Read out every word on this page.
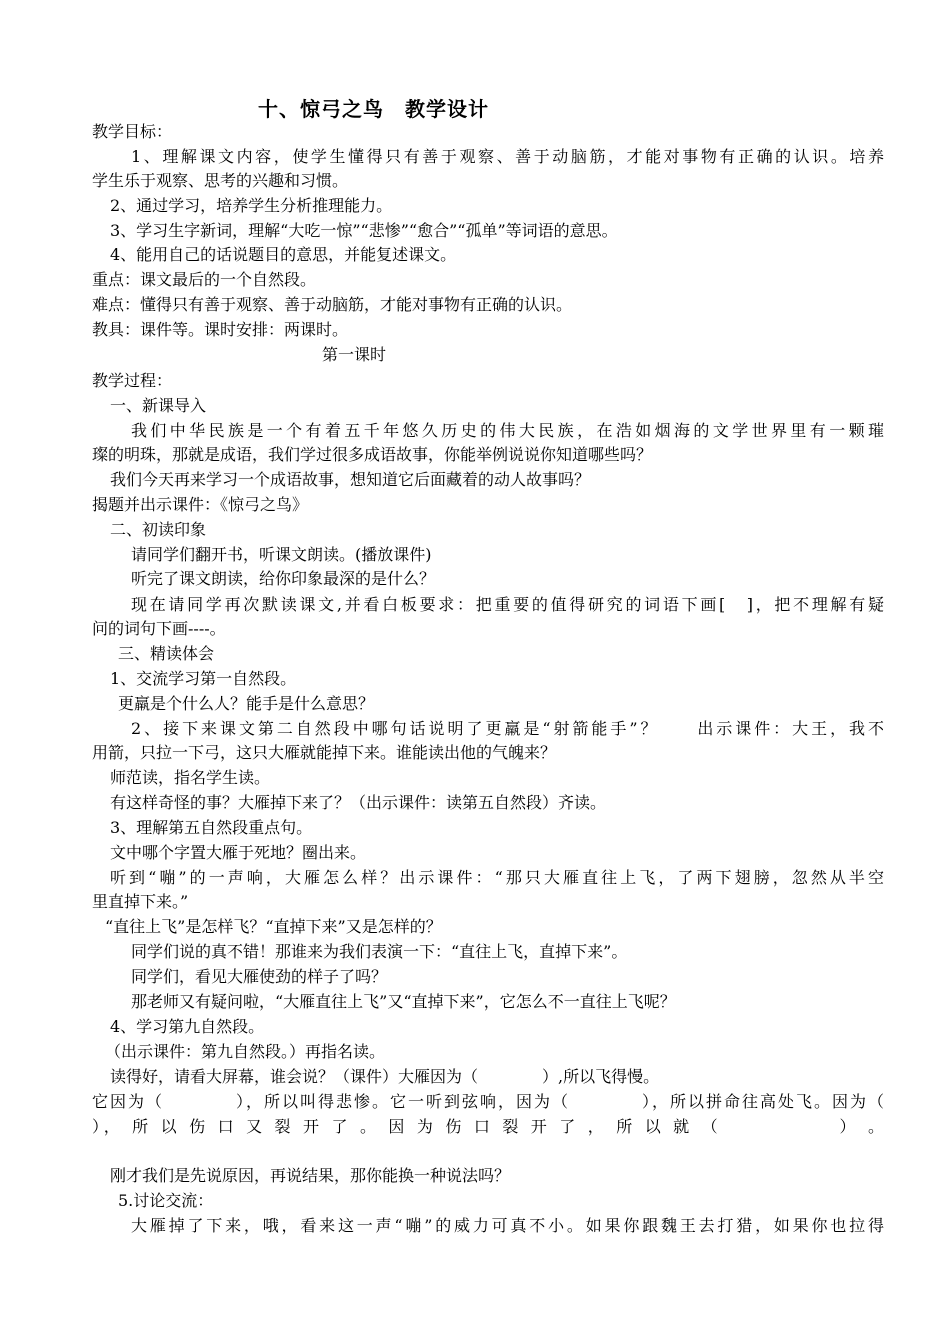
十、惊弓之鸟　教学设计
教学目标：
1、理解课文内容，使学生懂得只有善于观察、善于动脑筋，才能对事物有正确的认识。培养
学生乐于观察、思考的兴趣和习惯。
2、通过学习，培养学生分析推理能力。
3、学习生字新词，理解“大吃一惊”“悲惨”“愈合”“孤单”等词语的意思。
4、能用自己的话说题目的意思，并能复述课文。
重点：课文最后的一个自然段。
难点：懂得只有善于观察、善于动脑筋，才能对事物有正确的认识。
教具：课件等。课时安排：两课时。
第一课时
教学过程：
一、新课导入
我们中华民族是一个有着五千年悠久历史的伟大民族，在浩如烟海的文学世界里有一颗璀
璨的明珠，那就是成语，我们学过很多成语故事，你能举例说说你知道哪些吗？
我们今天再来学习一个成语故事，想知道它后面藏着的动人故事吗？
揭题并出示课件：《惊弓之鸟》
二、初读印象
请同学们翻开书，听课文朗读。(播放课件)
听完了课文朗读，给你印象最深的是什么？
现在请同学再次默读课文,并看白板要求：把重要的值得研究的词语下画[　]，把不理解有疑
问的词句下画----。
三、精读体会
1、交流学习第一自然段。
更羸是个什么人？能手是什么意思？
2、接下来课文第二自然段中哪句话说明了更羸是“射箭能手”？　　出示课件：大王，我不
用箭，只拉一下弓，这只大雁就能掉下来。谁能读出他的气魄来？
师范读，指名学生读。
有这样奇怪的事？大雁掉下来了？（出示课件：读第五自然段）齐读。
3、理解第五自然段重点句。
文中哪个字置大雁于死地？圈出来。
听到“嘣”的一声响，大雁怎么样？出示课件：“那只大雁直往上飞，了两下翅膀，忽然从半空
里直掉下来。”
“直往上飞”是怎样飞？“直掉下来”又是怎样的？
同学们说的真不错！那谁来为我们表演一下：“直往上飞，直掉下来”。
同学们，看见大雁使劲的样子了吗？
那老师又有疑问啦，“大雁直往上飞”又“直掉下来”，它怎么不一直往上飞呢？
4、学习第九自然段。
（出示课件：第九自然段。）再指名读。
读得好，请看大屏幕，谁会说？（课件）大雁因为（　　　　）,所以飞得慢。
它因为（　　　　），所以叫得悲惨。它一听到弦响，因为（　　　　），所以拼命往高处飞。因为（
）， 所 以 伤 口 又 裂 开 了 。 因 为 伤 口 裂 开 了 ， 所 以 就 （　　　　　　） 。
刚才我们是先说原因，再说结果，那你能换一种说法吗？
5.讨论交流：
大雁掉了下来，哦，看来这一声“嘣”的威力可真不小。如果你跟魏王去打猎，如果你也拉得
